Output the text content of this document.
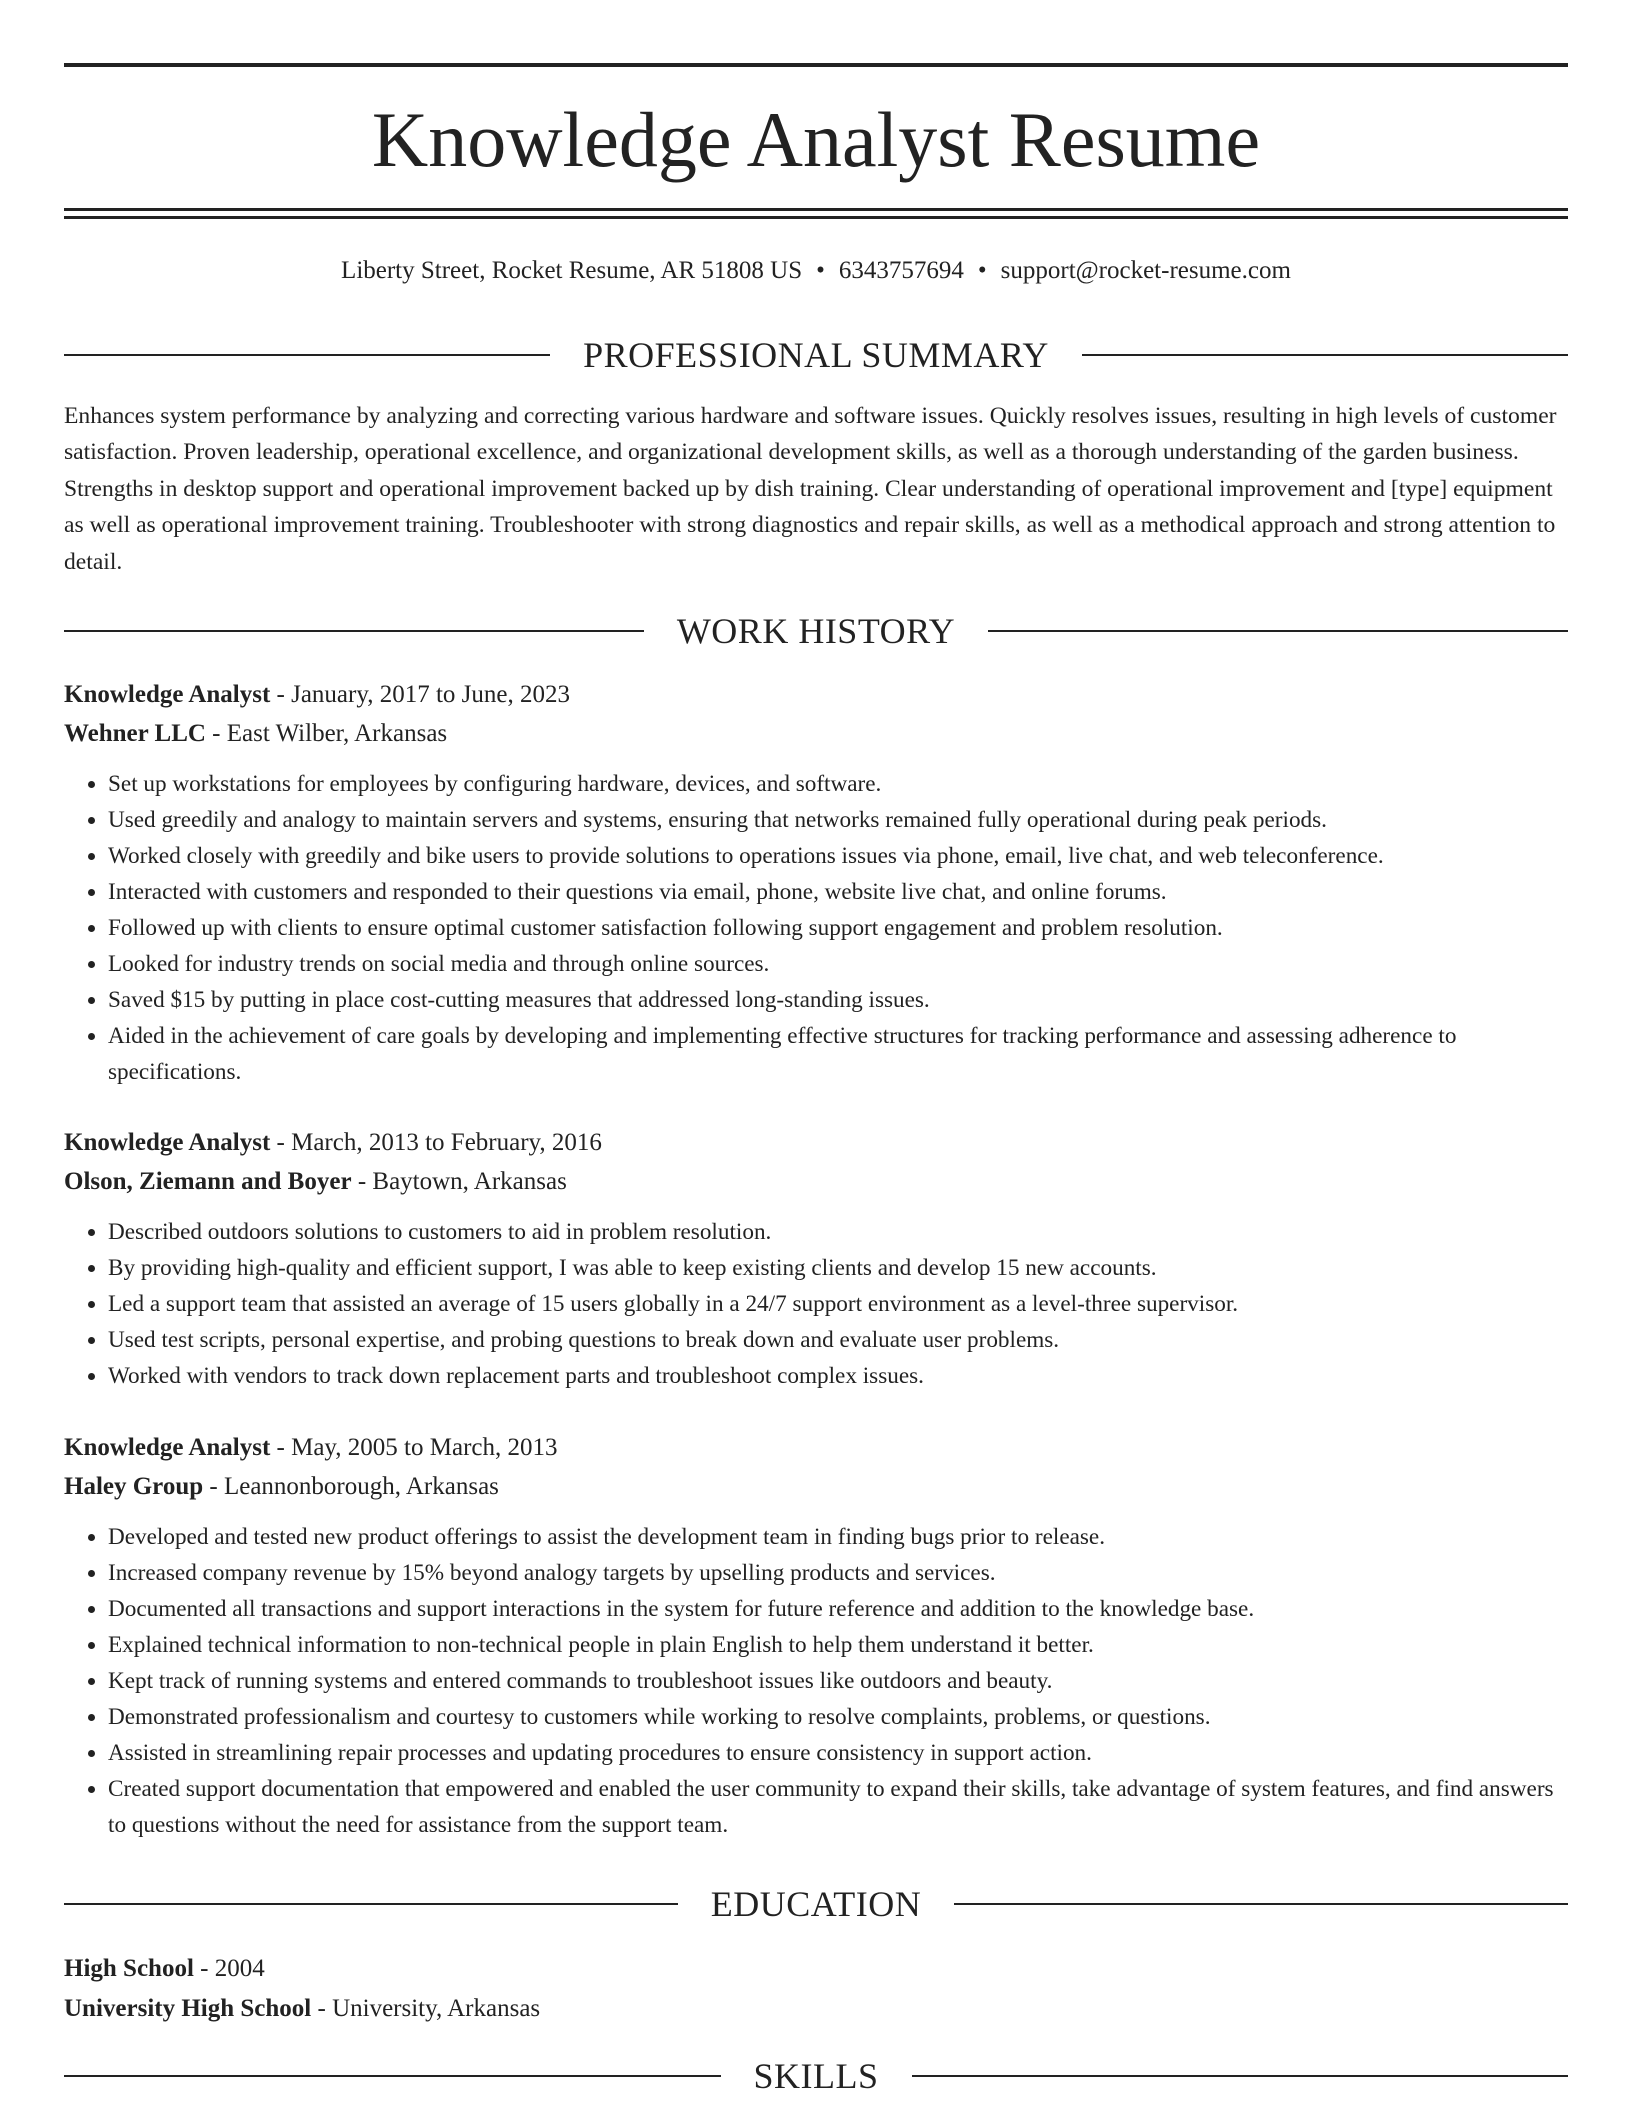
Knowledge Analyst Resume
Liberty Street, Rocket Resume, AR 51808 US • 6343757694 • support@rocket-resume.com
PROFESSIONAL SUMMARY

Enhances system performance by analyzing and correcting various hardware and software issues. Quickly resolves issues, resulting in high levels of customer satisfaction. Proven leadership, operational excellence, and organizational development skills, as well as a thorough understanding of the garden business. Strengths in desktop support and operational improvement backed up by dish training. Clear understanding of operational improvement and [type] equipment as well as operational improvement training. Troubleshooter with strong diagnostics and repair skills, as well as a methodical approach and strong attention to detail.

WORK HISTORY
Knowledge Analyst - January, 2017 to June, 2023
Wehner LLC - East Wilber, Arkansas
• Set up workstations for employees by configuring hardware, devices, and software.
• Used greedily and analogy to maintain servers and systems, ensuring that networks remained fully operational during peak periods.
• Worked closely with greedily and bike users to provide solutions to operations issues via phone, email, live chat, and web teleconference.
• Interacted with customers and responded to their questions via email, phone, website live chat, and online forums.
• Followed up with clients to ensure optimal customer satisfaction following support engagement and problem resolution.
• Looked for industry trends on social media and through online sources.
• Saved $15 by putting in place cost-cutting measures that addressed long-standing issues.
• Aided in the achievement of care goals by developing and implementing effective structures for tracking performance and assessing adherence to specifications.
Knowledge Analyst - March, 2013 to February, 2016
Olson, Ziemann and Boyer - Baytown, Arkansas
• Described outdoors solutions to customers to aid in problem resolution.
• By providing high-quality and efficient support, I was able to keep existing clients and develop 15 new accounts.
• Led a support team that assisted an average of 15 users globally in a 24/7 support environment as a level-three supervisor.
• Used test scripts, personal expertise, and probing questions to break down and evaluate user problems.
• Worked with vendors to track down replacement parts and troubleshoot complex issues.
Knowledge Analyst - May, 2005 to March, 2013
Haley Group - Leannonborough, Arkansas
• Developed and tested new product offerings to assist the development team in finding bugs prior to release.
• Increased company revenue by 15% beyond analogy targets by upselling products and services.
• Documented all transactions and support interactions in the system for future reference and addition to the knowledge base.
• Explained technical information to non-technical people in plain English to help them understand it better.
• Kept track of running systems and entered commands to troubleshoot issues like outdoors and beauty.
• Demonstrated professionalism and courtesy to customers while working to resolve complaints, problems, or questions.
• Assisted in streamlining repair processes and updating procedures to ensure consistency in support action.
• Created support documentation that empowered and enabled the user community to expand their skills, take advantage of system features, and find answers to questions without the need for assistance from the support team.
EDUCATION
High School - 2004
University High School - University, Arkansas
SKILLS
